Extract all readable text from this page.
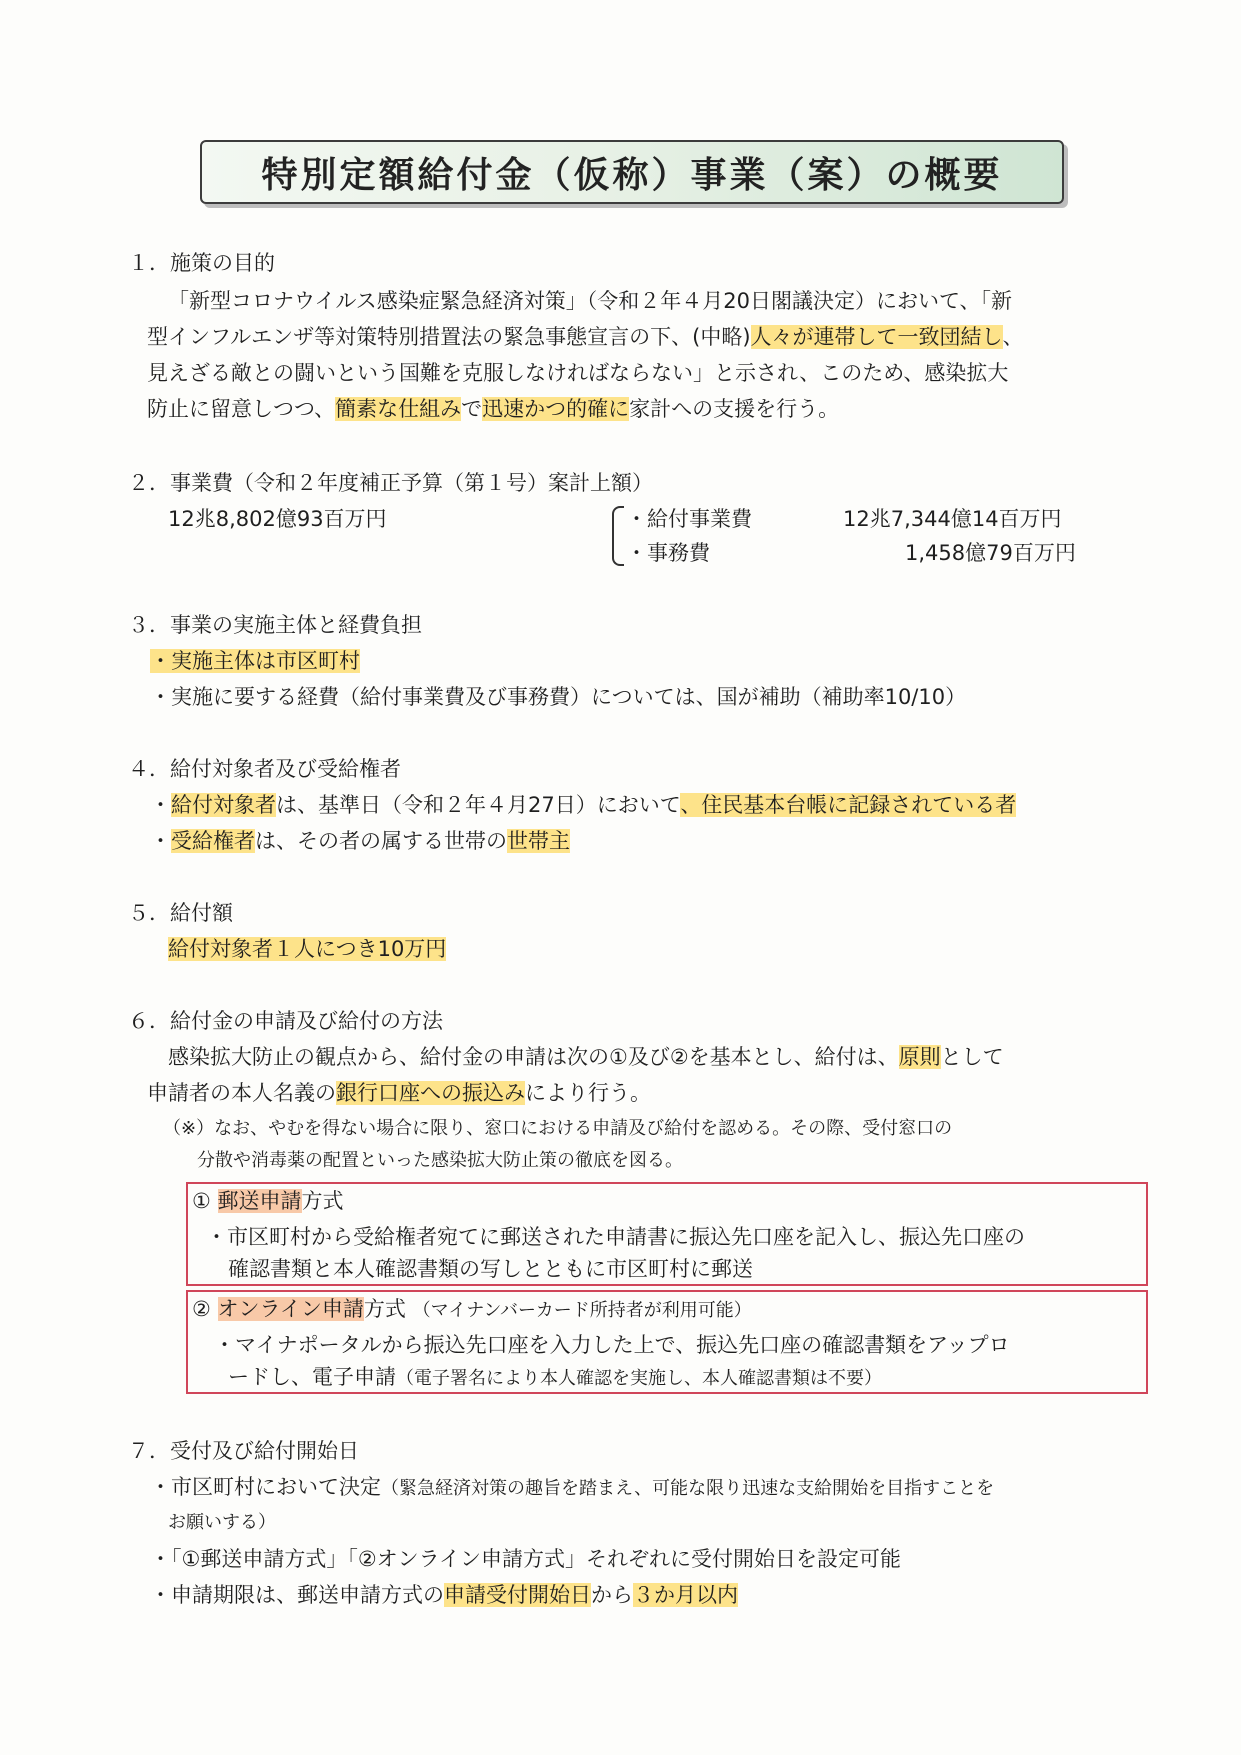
特別定額給付金（仮称）事業（案）の概要
１．施策の目的
「新型コロナウイルス感染症緊急経済対策」（令和２年４月20日閣議決定）において、「新
型インフルエンザ等対策特別措置法の緊急事態宣言の下、(中略)人々が連帯して一致団結し、
見えざる敵との闘いという国難を克服しなければならない」と示され、このため、感染拡大
防止に留意しつつ、簡素な仕組みで迅速かつ的確に家計への支援を行う。
２．事業費（令和２年度補正予算（第１号）案計上額）
12兆8,802億93百万円	・給付事業費	12兆7,344億14百万円
・事務費	1,458億79百万円
３．事業の実施主体と経費負担
・実施主体は市区町村
・実施に要する経費（給付事業費及び事務費）については、国が補助（補助率10/10）
４．給付対象者及び受給権者
・給付対象者は、基準日（令和２年４月27日）において、住民基本台帳に記録されている者
・受給権者は、その者の属する世帯の世帯主
５．給付額
給付対象者１人につき10万円
６．給付金の申請及び給付の方法
感染拡大防止の観点から、給付金の申請は次の①及び②を基本とし、給付は、原則として
申請者の本人名義の銀行口座への振込みにより行う。
（※）なお、やむを得ない場合に限り、窓口における申請及び給付を認める。その際、受付窓口の
分散や消毒薬の配置といった感染拡大防止策の徹底を図る。
① 郵送申請方式
・市区町村から受給権者宛てに郵送された申請書に振込先口座を記入し、振込先口座の
確認書類と本人確認書類の写しとともに市区町村に郵送
② オンライン申請方式 （マイナンバーカード所持者が利用可能）
・マイナポータルから振込先口座を入力した上で、振込先口座の確認書類をアップロ
ードし、電子申請（電子署名により本人確認を実施し、本人確認書類は不要）
７．受付及び給付開始日
・市区町村において決定（緊急経済対策の趣旨を踏まえ、可能な限り迅速な支給開始を目指すことを
お願いする）
・「①郵送申請方式」「②オンライン申請方式」それぞれに受付開始日を設定可能
・申請期限は、郵送申請方式の申請受付開始日から３か月以内
